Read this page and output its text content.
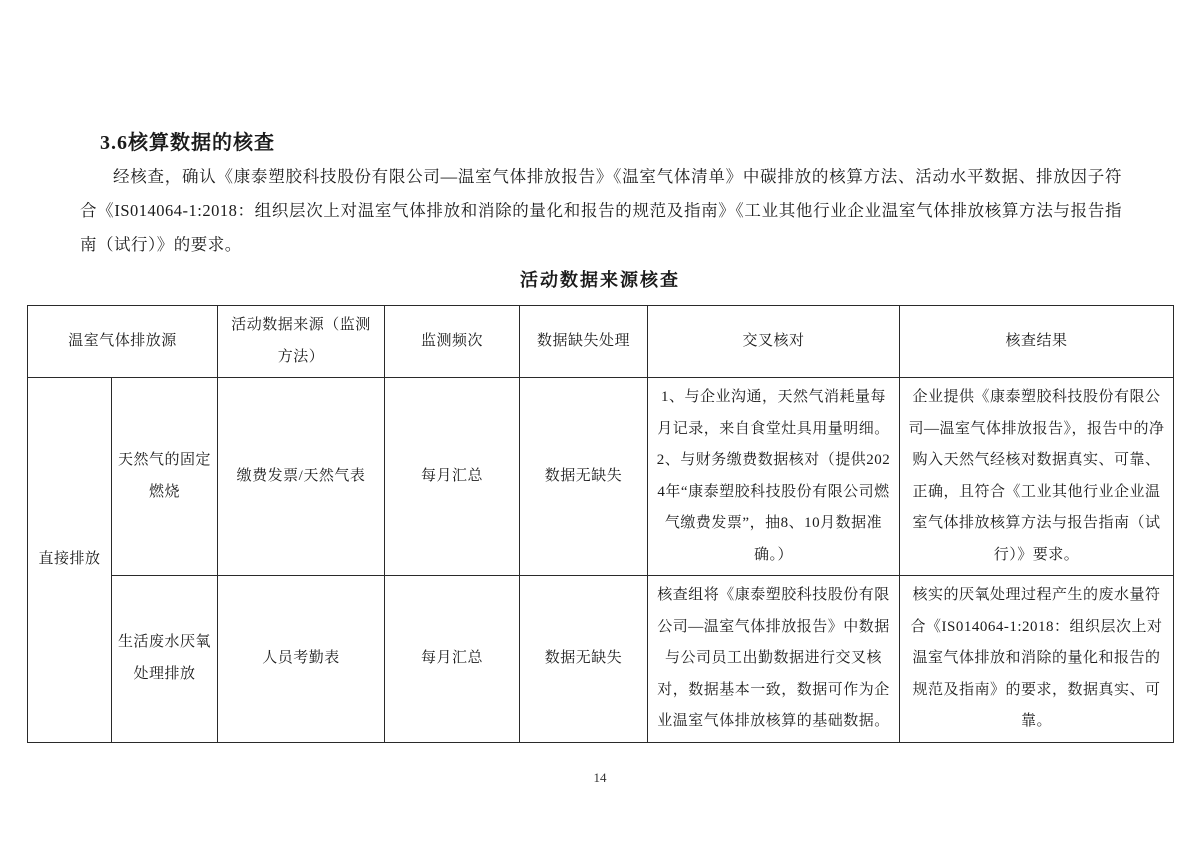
3.6核算数据的核查
经核查，确认《康泰塑胶科技股份有限公司—温室气体排放报告》《温室气体清单》中碳排放的核算方法、活动水平数据、排放因子符合《IS014064-1:2018：组织层次上对温室气体排放和消除的量化和报告的规范及指南》《工业其他行业企业温室气体排放核算方法与报告指南（试行）》的要求。
活动数据来源核查
温室气体排放源		活动数据来源（监测方法）	监测频次	数据缺失处理	交叉核对	核查结果
直接排放	天然气的固定燃烧	缴费发票/天然气表	每月汇总	数据无缺失	1、与企业沟通，天然气消耗量每月记录，来自食堂灶具用量明细。2、与财务缴费数据核对（提供2024年“康泰塑胶科技股份有限公司燃气缴费发票”，抽8、10月数据准确。）	企业提供《康泰塑胶科技股份有限公司—温室气体排放报告》，报告中的净购入天然气经核对数据真实、可靠、正确，且符合《工业其他行业企业温室气体排放核算方法与报告指南（试行）》要求。
	生活废水厌氧处理排放	人员考勤表	每月汇总	数据无缺失	核查组将《康泰塑胶科技股份有限公司—温室气体排放报告》中数据与公司员工出勤数据进行交叉核对，数据基本一致，数据可作为企业温室气体排放核算的基础数据。	核实的厌氧处理过程产生的废水量符合《IS014064-1:2018：组织层次上对温室气体排放和消除的量化和报告的规范及指南》的要求，数据真实、可靠。
14
